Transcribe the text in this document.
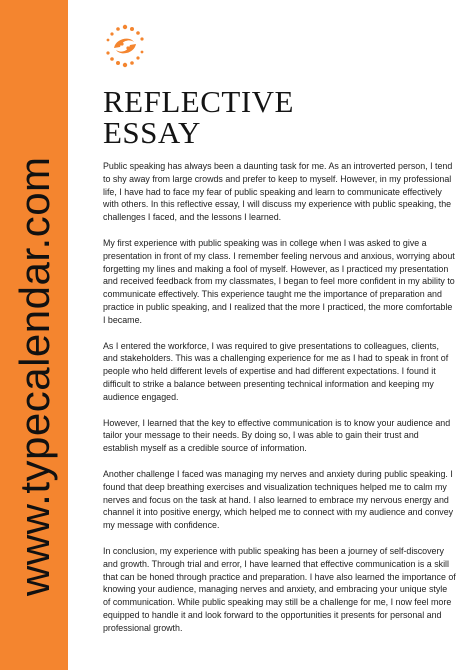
www.typecalendar.com
REFLECTIVE
ESSAY

Public speaking has always been a daunting task for me. As an introverted person, I tend to shy away from large crowds and prefer to keep to myself. However, in my professional life, I have had to face my fear of public speaking and learn to communicate effectively with others. In this reflective essay, I will discuss my experience with public speaking, the challenges I faced, and the lessons I learned.

My first experience with public speaking was in college when I was asked to give a presentation in front of my class. I remember feeling nervous and anxious, worrying about forgetting my lines and making a fool of myself. However, as I practiced my presentation and received feedback from my classmates, I began to feel more confident in my ability to communicate effectively. This experience taught me the importance of preparation and practice in public speaking, and I realized that the more I practiced, the more comfortable I became.

As I entered the workforce, I was required to give presentations to colleagues, clients, and stakeholders. This was a challenging experience for me as I had to speak in front of people who held different levels of expertise and had different expectations. I found it difficult to strike a balance between presenting technical information and keeping my audience engaged.

However, I learned that the key to effective communication is to know your audience and tailor your message to their needs. By doing so, I was able to gain their trust and establish myself as a credible source of information.

Another challenge I faced was managing my nerves and anxiety during public speaking. I found that deep breathing exercises and visualization techniques helped me to calm my nerves and focus on the task at hand. I also learned to embrace my nervous energy and channel it into positive energy, which helped me to connect with my audience and convey my message with confidence.

In conclusion, my experience with public speaking has been a journey of self-discovery and growth. Through trial and error, I have learned that effective communication is a skill that can be honed through practice and preparation. I have also learned the importance of knowing your audience, managing nerves and anxiety, and embracing your unique style of communication. While public speaking may still be a challenge for me, I now feel more equipped to handle it and look forward to the opportunities it presents for personal and professional growth.
